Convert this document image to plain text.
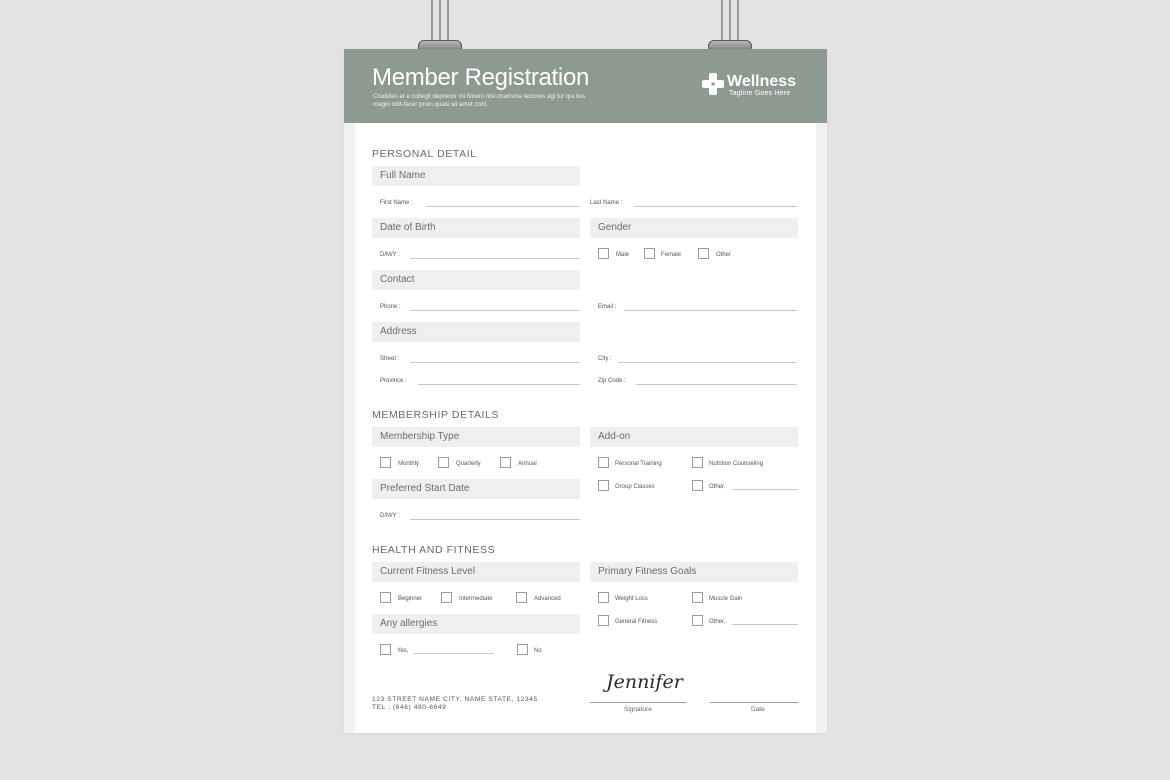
Member Registration
Crudeles et e collegit deprecor mi florem nisi charisma lectores agi tur qui lius magni odit-facer proin quasi sit amet cont.
Wellness
Tagline Goes Here
PERSONAL DETAIL
Full Name
First Name :	Last Name :
Date of Birth
D/M/Y :
Gender
Male	Female	Other
Contact
Phone :	Email :
Address
Street :	City :
Province :	Zip Code :
MEMBERSHIP DETAILS
Membership Type
Monthly	Quarterly	Annual
Add-on
Personal Training	Nutrition Counseling
Group Classes	Other,
Preferred Start Date
D/M/Y :
HEALTH AND FITNESS
Current Fitness Level
Beginner	Intermediate	Advanced
Primary Fitness Goals
Weight Loss	Muscle Gain
General Fitness	Other,
Any allergies
Yes,	No
123 STREET NAME CITY, NAME STATE, 12345
TEL : (646) 480-6649
Jennifer
Signature	Date
